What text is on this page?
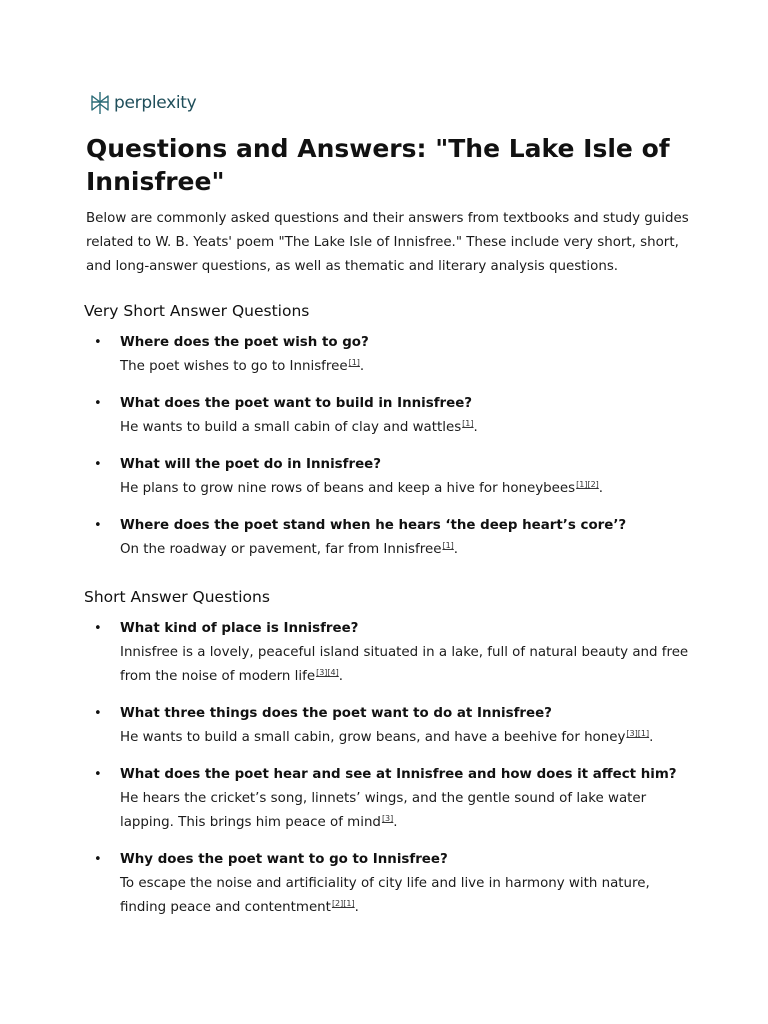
perplexity
Questions and Answers: "The Lake Isle of Innisfree"

Below are commonly asked questions and their answers from textbooks and study guides related to W. B. Yeats' poem "The Lake Isle of Innisfree." These include very short, short, and long-answer questions, as well as thematic and literary analysis questions.

Very Short Answer Questions
• Where does the poet wish to go?
The poet wishes to go to Innisfree[1].
• What does the poet want to build in Innisfree?
He wants to build a small cabin of clay and wattles[1].
• What will the poet do in Innisfree?
He plans to grow nine rows of beans and keep a hive for honeybees[1][2].
• Where does the poet stand when he hears ‘the deep heart’s core’?
On the roadway or pavement, far from Innisfree[1].
Short Answer Questions
• What kind of place is Innisfree?
Innisfree is a lovely, peaceful island situated in a lake, full of natural beauty and free from the noise of modern life[3][4].
• What three things does the poet want to do at Innisfree?
He wants to build a small cabin, grow beans, and have a beehive for honey[3][1].
• What does the poet hear and see at Innisfree and how does it affect him?
He hears the cricket’s song, linnets’ wings, and the gentle sound of lake water lapping. This brings him peace of mind[3].
• Why does the poet want to go to Innisfree?
To escape the noise and artificiality of city life and live in harmony with nature, finding peace and contentment[2][1].
